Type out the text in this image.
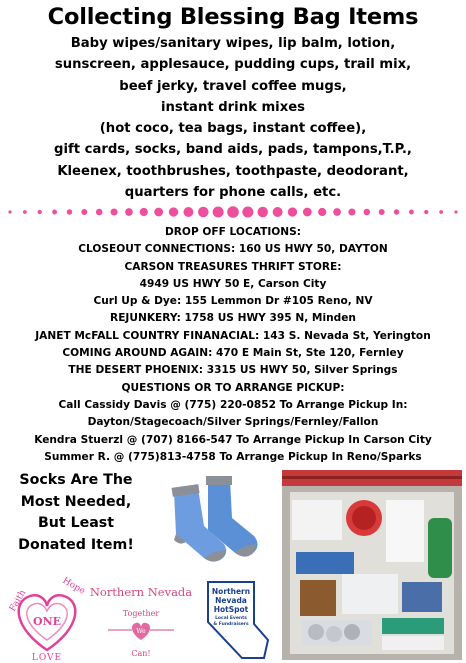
Collecting Blessing Bag Items
Baby wipes/sanitary wipes, lip balm, lotion,
sunscreen, applesauce, pudding cups, trail mix,
beef jerky, travel coffee mugs,
instant drink mixes
(hot coco, tea bags, instant coffee),
gift cards, socks, band aids, pads, tampons,T.P.,
Kleenex, toothbrushes, toothpaste, deodorant,
quarters for phone calls, etc.
DROP OFF LOCATIONS:
CLOSEOUT CONNECTIONS: 160 US HWY 50, DAYTON
CARSON TREASURES THRIFT STORE:
4949 US HWY 50 E, Carson City
Curl Up & Dye: 155 Lemmon Dr #105 Reno, NV
REJUNKERY: 1758 US HWY 395 N, Minden
JANET McFALL COUNTRY FINANACIAL: 143 S. Nevada St, Yerington
COMING AROUND AGAIN: 470 E Main St, Ste 120, Fernley
THE DESERT PHOENIX: 3315 US HWY 50, Silver Springs
QUESTIONS OR TO ARRANGE PICKUP:
Call Cassidy Davis @ (775) 220-0852 To Arrange Pickup In:
Dayton/Stagecoach/Silver Springs/Fernley/Fallon
Kendra Stuerzl @ (707) 8166-547 To Arrange Pickup In Carson City
Summer R. @ (775)813-4758 To Arrange Pickup In Reno/Sparks
Socks Are The
Most Needed,
But Least
Donated Item!
ONE
Faith
Hope
LOVE
Northern Nevada
Together
We
Can!
Northern
Nevada
HotSpot
Local Events
& Fundraisers
